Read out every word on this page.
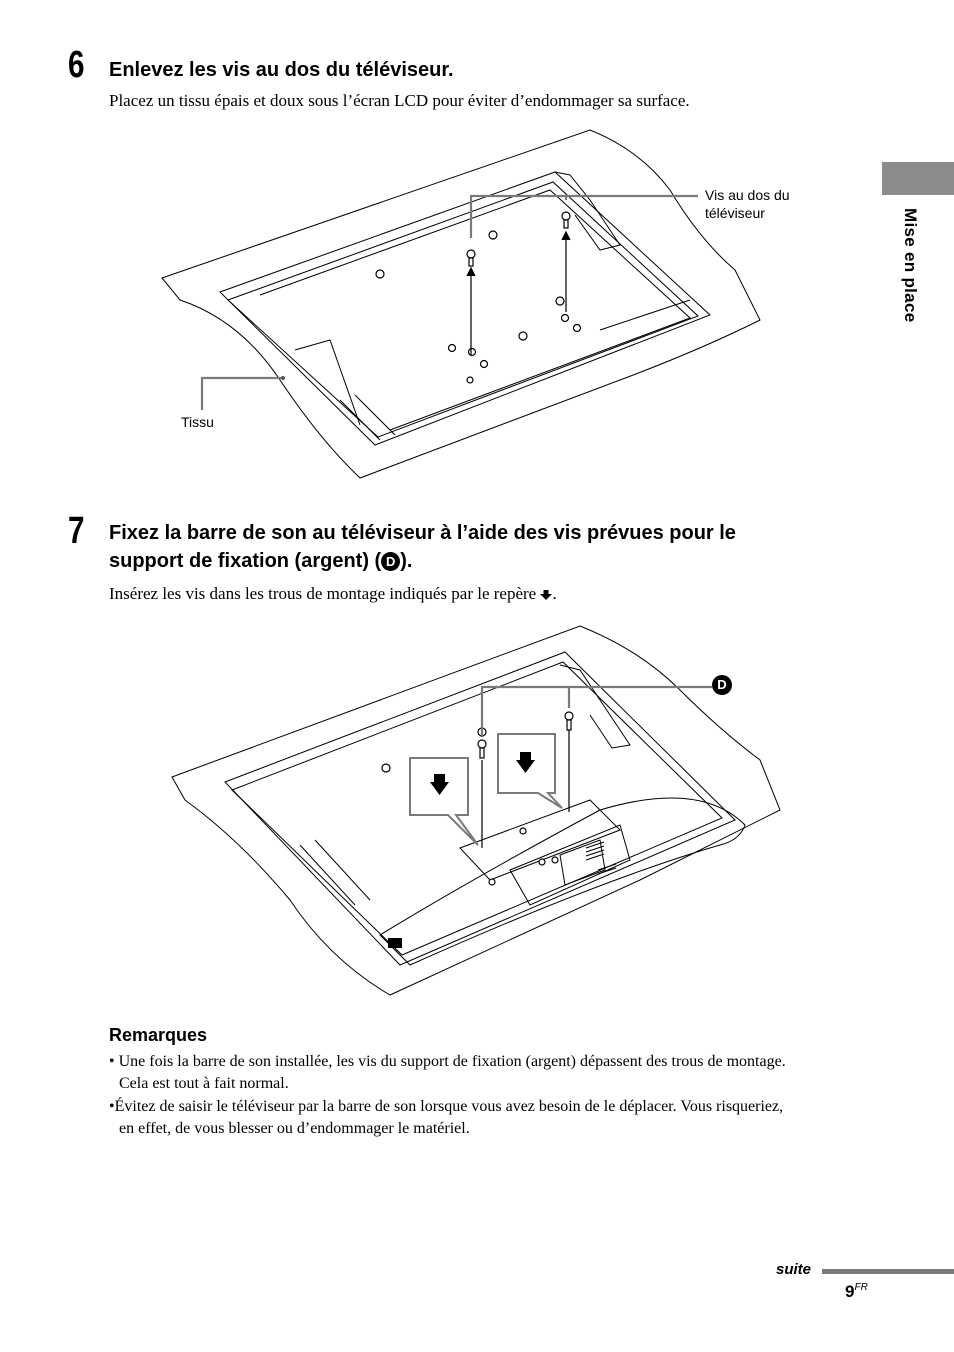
Mise en place
6 Enlevez les vis au dos du téléviseur.
Placez un tissu épais et doux sous l’écran LCD pour éviter d’endommager sa surface.
Vis au dos du
téléviseur
Tissu
7 Fixez la barre de son au téléviseur à l’aide des vis prévues pour le
support de fixation (argent) ( D ).
Insérez les vis dans les trous de montage indiqués par le repère .
D
Remarques
• Une fois la barre de son installée, les vis du support de fixation (argent) dépassent des trous de montage.
Cela est tout à fait normal.
•Évitez de saisir le téléviseur par la barre de son lorsque vous avez besoin de le déplacer. Vous risqueriez,
en effet, de vous blesser ou d’endommager le matériel.
suite
$9^{FR}$
